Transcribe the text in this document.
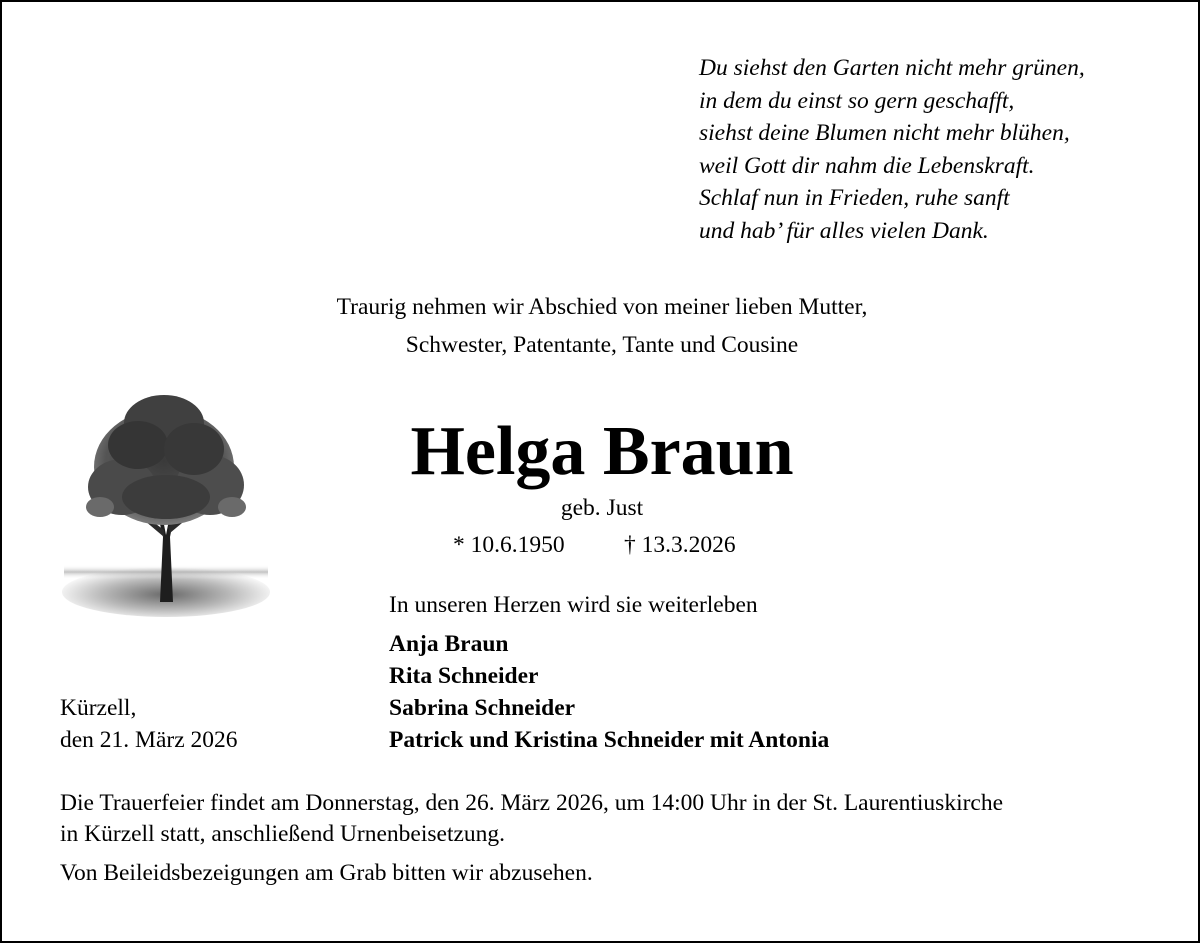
Du siehst den Garten nicht mehr grünen,
in dem du einst so gern geschafft,
siehst deine Blumen nicht mehr blühen,
weil Gott dir nahm die Lebenskraft.
Schlaf nun in Frieden, ruhe sanft
und hab’ für alles vielen Dank.
Traurig nehmen wir Abschied von meiner lieben Mutter,
Schwester, Patentante, Tante und Cousine
Helga Braun
geb. Just
* 10.6.1950	† 13.3.2026
In unseren Herzen wird sie weiterleben
Anja Braun
Rita Schneider
Sabrina Schneider
Patrick und Kristina Schneider mit Antonia
Kürzell,
den 21. März 2026
Die Trauerfeier findet am Donnerstag, den 26. März 2026, um 14:00 Uhr in der St. Laurentiuskirche
in Kürzell statt, anschließend Urnenbeisetzung.
Von Beileidsbezeigungen am Grab bitten wir abzusehen.
